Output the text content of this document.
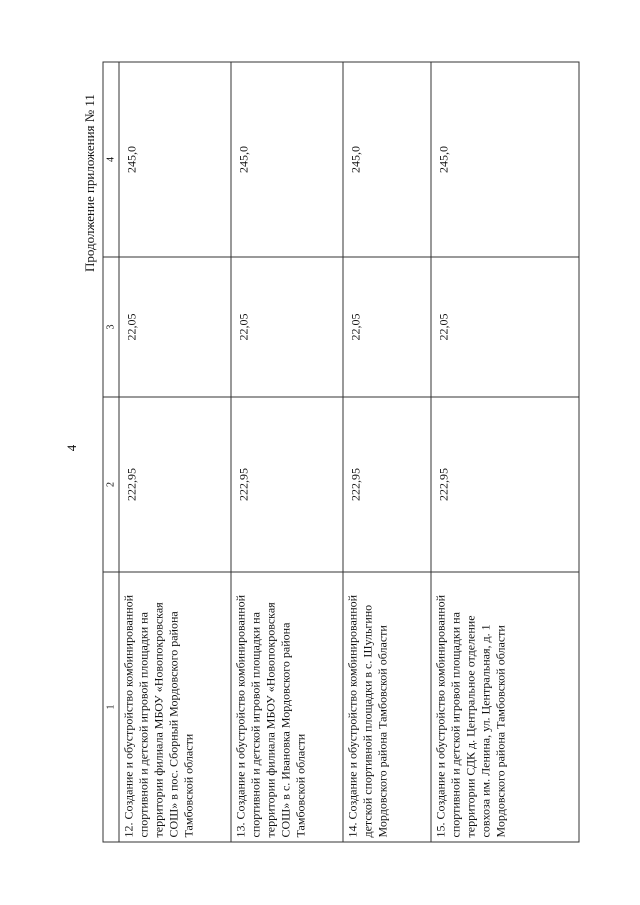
4
Продолжение приложения № 11
1	2	3	4
12. Создание и обустройство комбинированной спортивной и детской игровой площадки на территории филиала МБОУ «Новопокровская СОШ» в пос. Сборный Мордовского района Тамбовской области	222,95	22,05	245,0
13. Создание и обустройство комбинированной спортивной и детской игровой площадки на территории филиала МБОУ «Новопокровская СОШ» в с. Ивановка Мордовского района Тамбовской области	222,95	22,05	245,0
14. Создание и обустройство комбинированной детской спортивной площадки в с. Шульгино Мордовского района Тамбовской области	222,95	22,05	245,0
15. Создание и обустройство комбинированной спортивной и детской игровой площадки на территории СДК д. Центральное отделение совхоза им. Ленина, ул. Центральная, д. 1 Мордовского района Тамбовской области	222,95	22,05	245,0
